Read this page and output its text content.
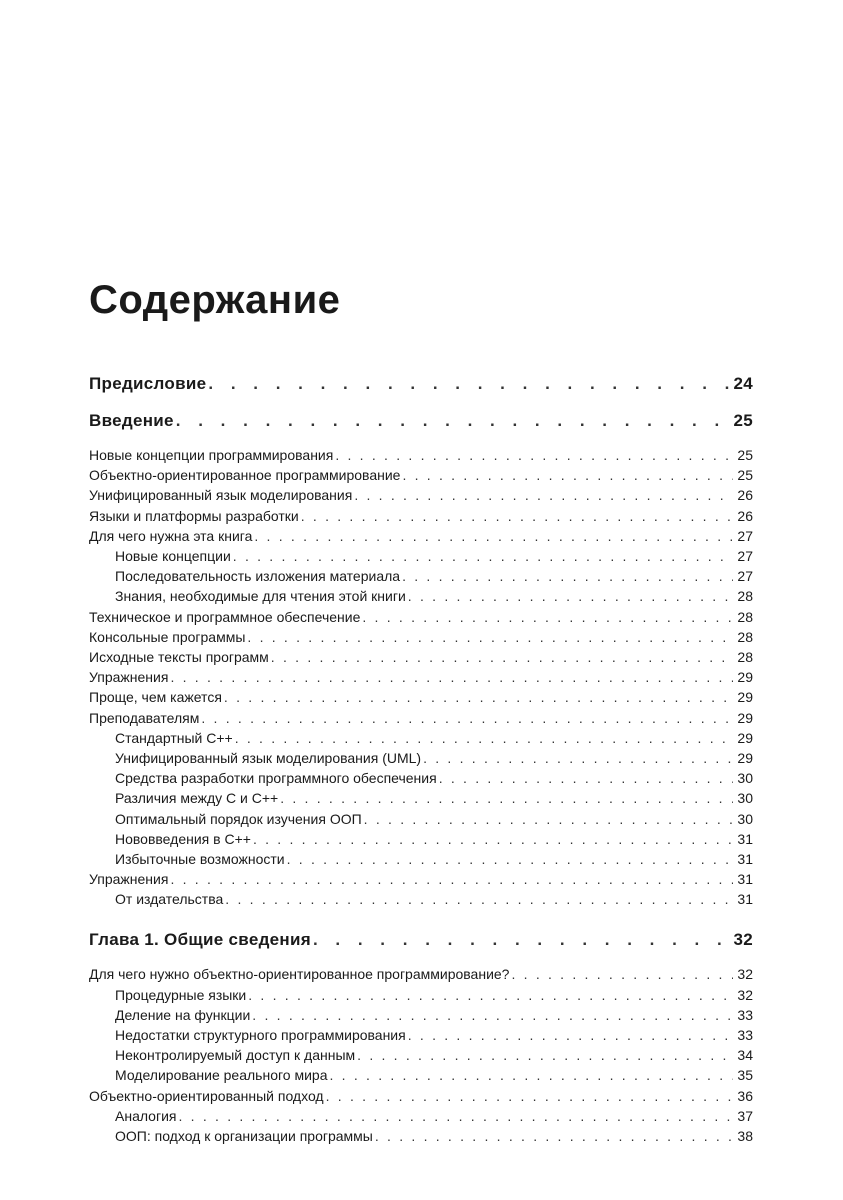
Содержание
Предисловие . . .	24
Введение . . .	25
Новые концепции программирования . . .	25
Объектно-ориентированное программирование . . .	25
Унифицированный язык моделирования . . .	26
Языки и платформы разработки . . .	26
Для чего нужна эта книга . . .	27
Новые концепции . . .	27
Последовательность изложения материала . . .	27
Знания, необходимые для чтения этой книги . . .	28
Техническое и программное обеспечение . . .	28
Консольные программы . . .	28
Исходные тексты программ . . .	28
Упражнения . . .	29
Проще, чем кажется . . .	29
Преподавателям . . .	29
Стандартный С++ . . .	29
Унифицированный язык моделирования (UML) . . .	29
Средства разработки программного обеспечения . . .	30
Различия между С и С++ . . .	30
Оптимальный порядок изучения ООП . . .	30
Нововведения в С++ . . .	31
Избыточные возможности . . .	31
Упражнения . . .	31
От издательства . . .	31
Глава 1. Общие сведения . . .	32
Для чего нужно объектно-ориентированное программирование? . . .	32
Процедурные языки . . .	32
Деление на функции . . .	33
Недостатки структурного программирования . . .	33
Неконтролируемый доступ к данным . . .	34
Моделирование реального мира . . .	35
Объектно-ориентированный подход . . .	36
Аналогия . . .	37
ООП: подход к организации программы . . .	38
